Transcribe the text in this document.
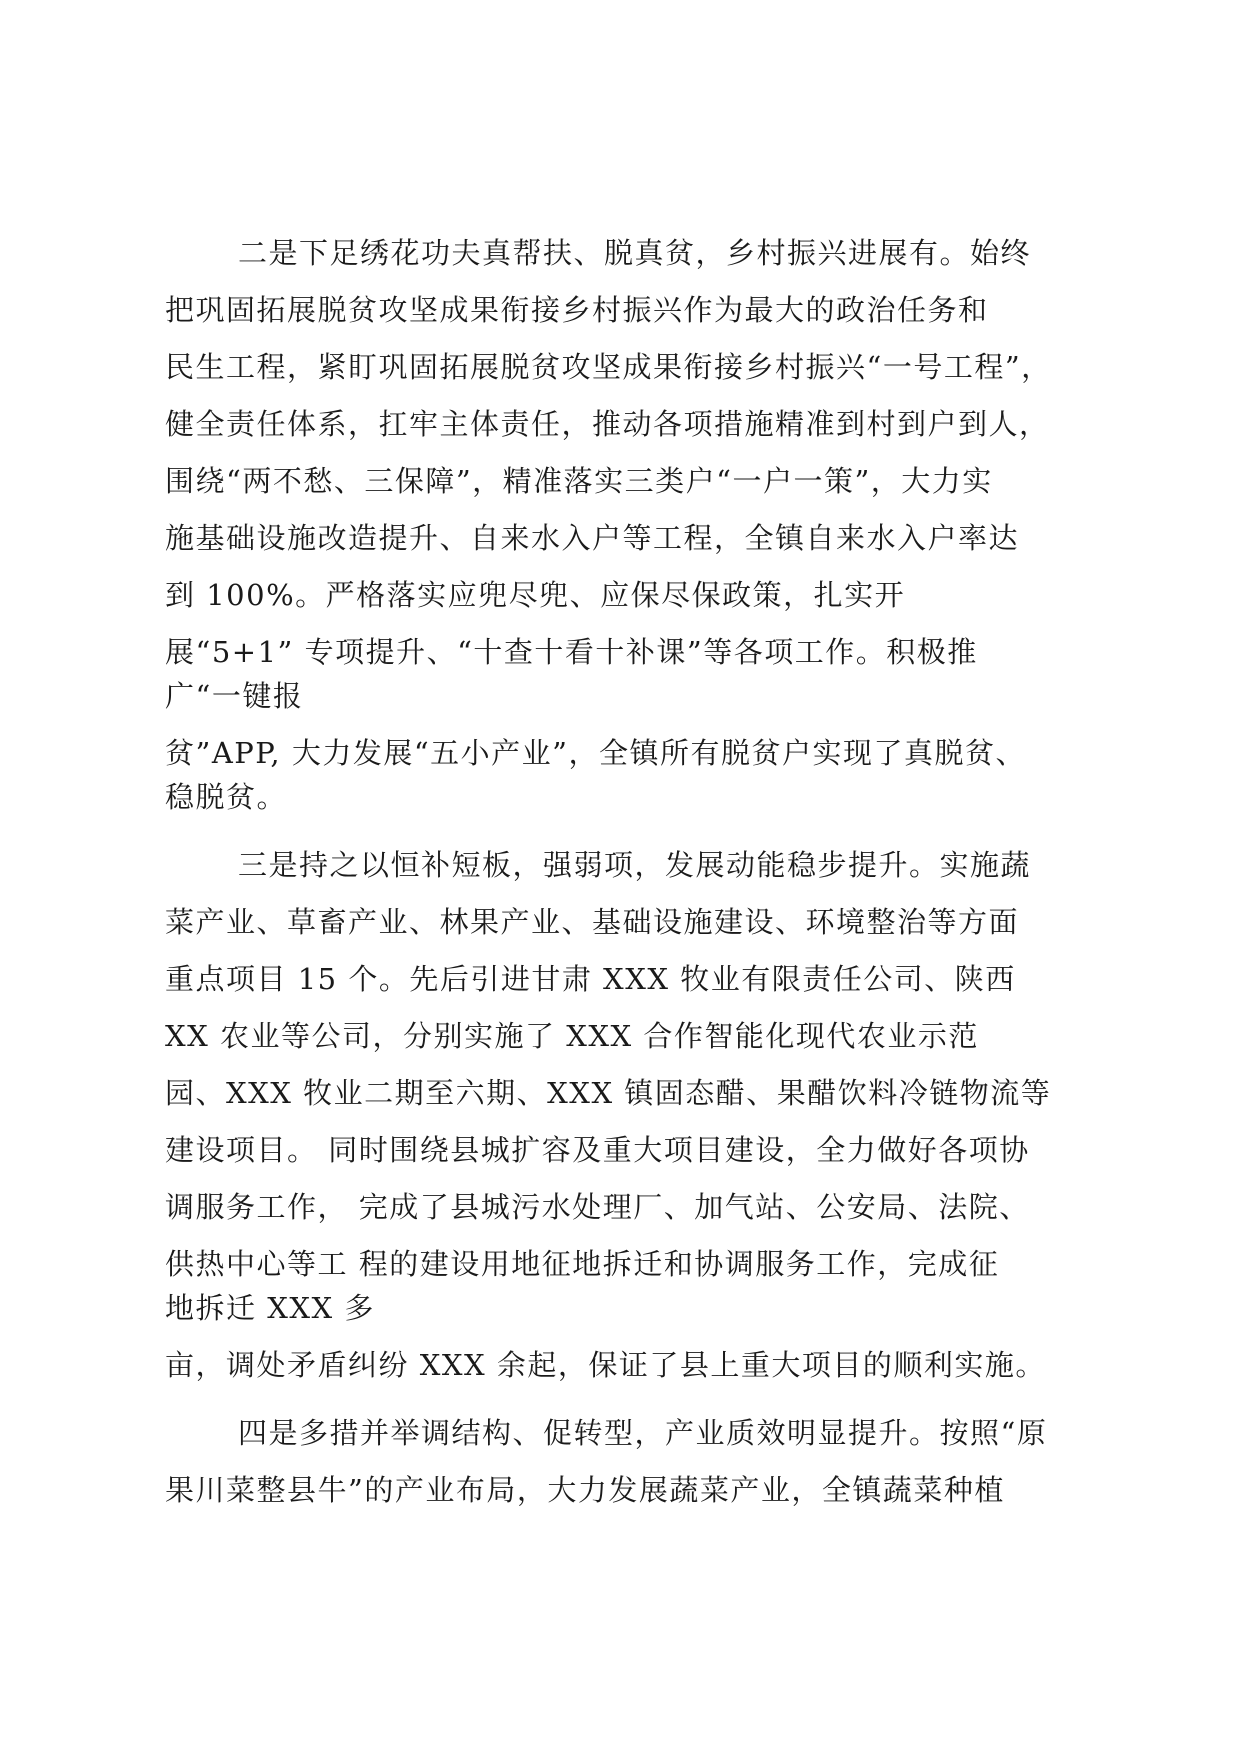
二是下足绣花功夫真帮扶、脱真贫，乡村振兴进展有。始终

把巩固拓展脱贫攻坚成果衔接乡村振兴作为最大的政治任务和

民生工程，紧盯巩固拓展脱贫攻坚成果衔接乡村振兴“一号工程”，

健全责任体系，扛牢主体责任，推动各项措施精准到村到户到人，

围绕“两不愁、三保障”，精准落实三类户“一户一策”，大力实

施基础设施改造提升、自来水入户等工程，全镇自来水入户率达

到 100%。严格落实应兜尽兜、应保尽保政策，扎实开

展“5+1” 专项提升、“十查十看十补课”等各项工作。积极推

广“一键报

贫”APP, 大力发展“五小产业”，全镇所有脱贫户实现了真脱贫、

稳脱贫。

三是持之以恒补短板，强弱项，发展动能稳步提升。实施蔬

菜产业、草畜产业、林果产业、基础设施建设、环境整治等方面

重点项目 15 个。先后引进甘肃 XXX 牧业有限责任公司、陕西

XX 农业等公司，分别实施了 XXX 合作智能化现代农业示范

园、XXX 牧业二期至六期、XXX 镇固态醋、果醋饮料冷链物流等

建设项目。 同时围绕县城扩容及重大项目建设，全力做好各项协

调服务工作， 完成了县城污水处理厂、加气站、公安局、法院、

供热中心等工 程的建设用地征地拆迁和协调服务工作，完成征

地拆迁 XXX 多

亩，调处矛盾纠纷 XXX 余起，保证了县上重大项目的顺利实施。

四是多措并举调结构、促转型，产业质效明显提升。按照“原

果川菜整县牛”的产业布局，大力发展蔬菜产业，全镇蔬菜种植
